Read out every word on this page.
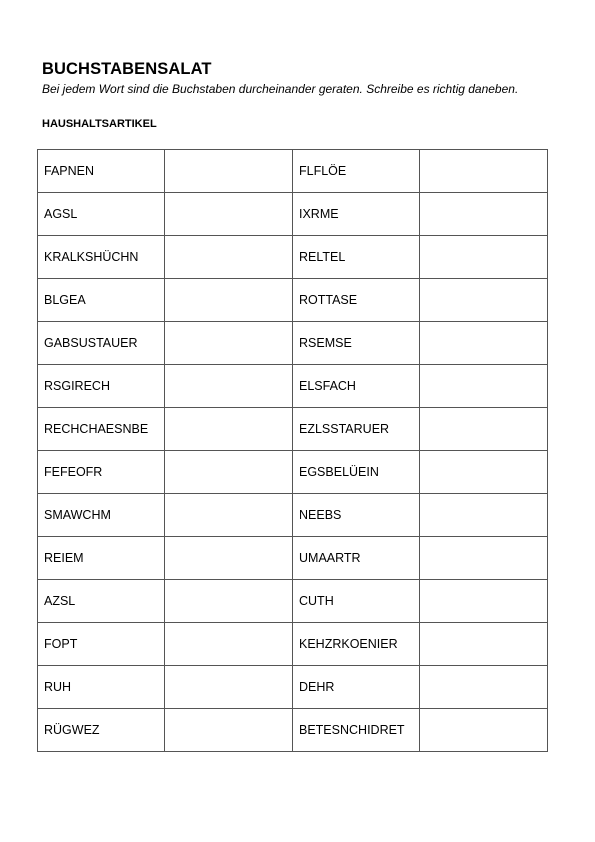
BUCHSTABENSALAT
Bei jedem Wort sind die Buchstaben durcheinander geraten. Schreibe es richtig daneben.
HAUSHALTSARTIKEL
FAPNEN		FLFLÖE	
AGSL		IXRME	
KRALKSHÜCHN		RELTEL	
BLGEA		ROTTASE	
GABSUSTAUER		RSEMSE	
RSGIRECH		ELSFACH	
RECHCHAESNBE		EZLSSTARUER	
FEFEOFR		EGSBELÜEIN	
SMAWCHM		NEEBS	
REIEM		UMAARTR	
AZSL		CUTH	
FOPT		KEHZRKOENIER	
RUH		DEHR	
RÜGWEZ		BETESNCHIDRET	
